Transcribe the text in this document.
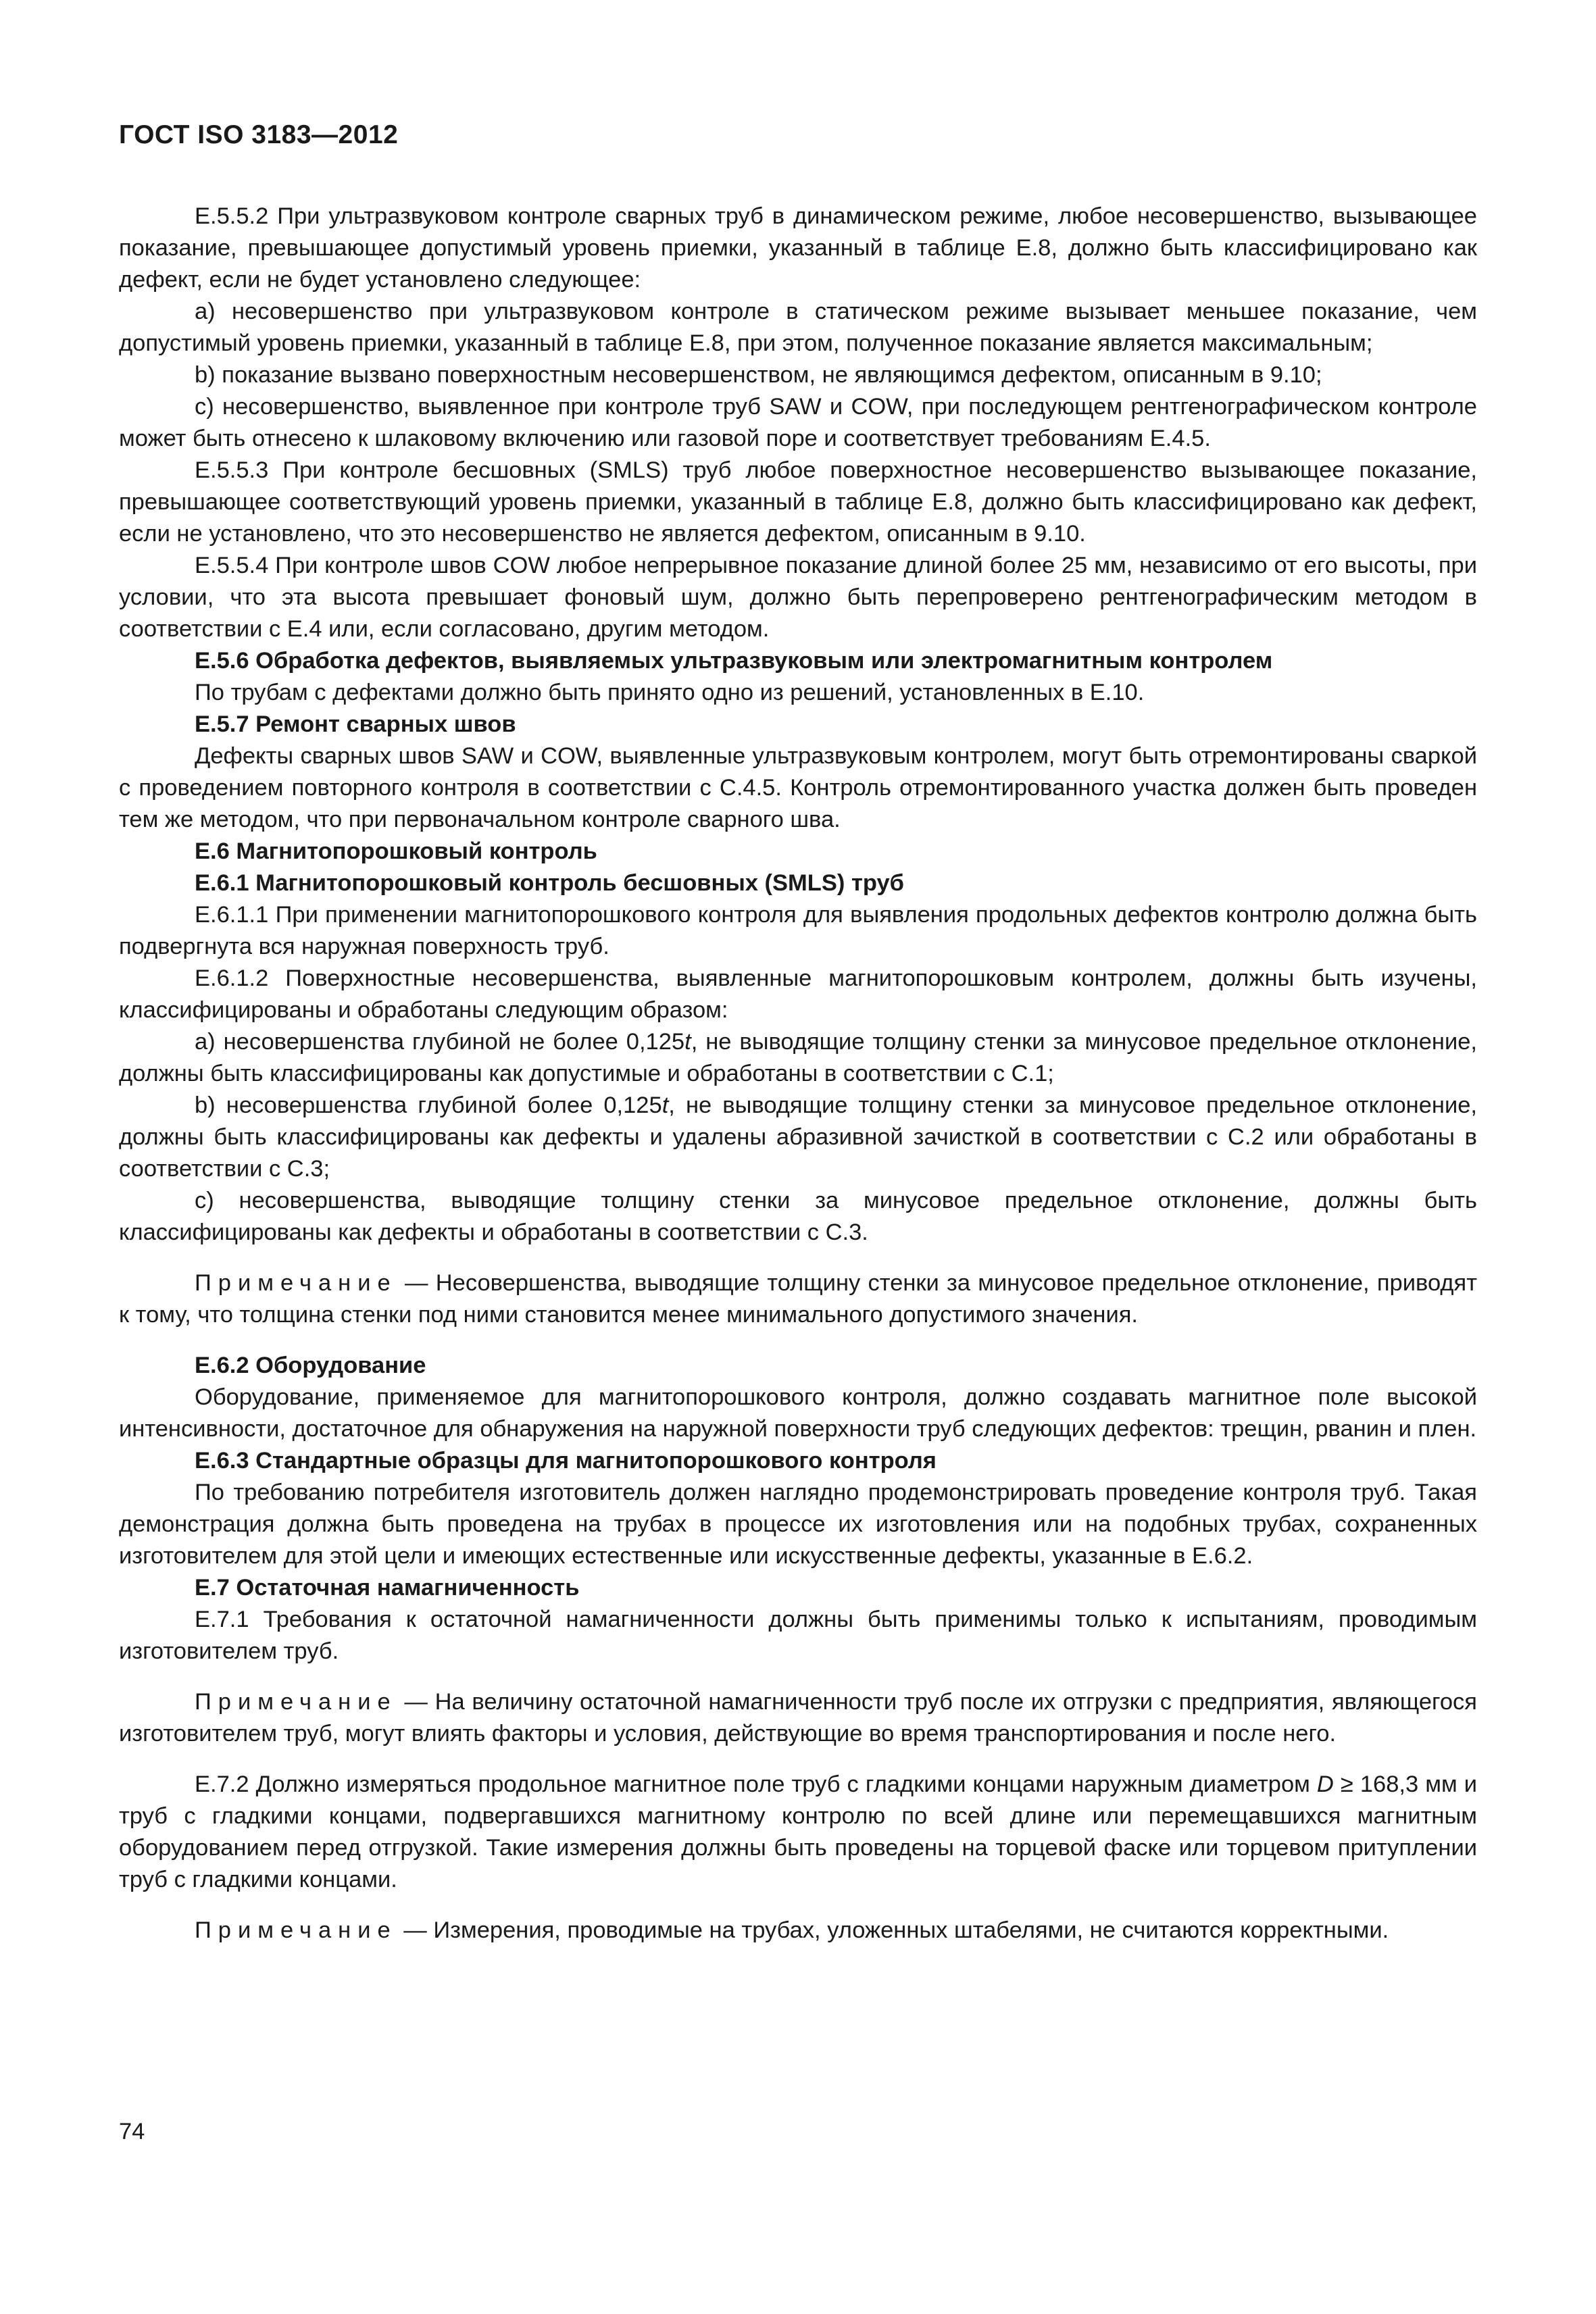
ГОСТ ISO 3183—2012

Е.5.5.2 При ультразвуковом контроле сварных труб в динамическом режиме, любое несовершенство, вызывающее показание, превышающее допустимый уровень приемки, указанный в таблице Е.8, должно быть классифицировано как дефект, если не будет установлено следующее:

a) несовершенство при ультразвуковом контроле в статическом режиме вызывает меньшее показание, чем допустимый уровень приемки, указанный в таблице Е.8, при этом, полученное показание является максимальным;

b) показание вызвано поверхностным несовершенством, не являющимся дефектом, описанным в 9.10;

c) несовершенство, выявленное при контроле труб SAW и COW, при последующем рентгенографическом контроле может быть отнесено к шлаковому включению или газовой поре и соответствует требованиям Е.4.5.

Е.5.5.3 При контроле бесшовных (SMLS) труб любое поверхностное несовершенство вызывающее показание, превышающее соответствующий уровень приемки, указанный в таблице Е.8, должно быть классифицировано как дефект, если не установлено, что это несовершенство не является дефектом, описанным в 9.10.

Е.5.5.4 При контроле швов COW любое непрерывное показание длиной более 25 мм, независимо от его высоты, при условии, что эта высота превышает фоновый шум, должно быть перепроверено рентгенографическим методом в соответствии с Е.4 или, если согласовано, другим методом.

Е.5.6 Обработка дефектов, выявляемых ультразвуковым или электромагнитным контролем

По трубам с дефектами должно быть принято одно из решений, установленных в Е.10.

Е.5.7 Ремонт сварных швов

Дефекты сварных швов SAW и COW, выявленные ультразвуковым контролем, могут быть отремонтированы сваркой с проведением повторного контроля в соответствии с С.4.5. Контроль отремонтированного участка должен быть проведен тем же методом, что при первоначальном контроле сварного шва.

Е.6 Магнитопорошковый контроль

Е.6.1 Магнитопорошковый контроль бесшовных (SMLS) труб

Е.6.1.1 При применении магнитопорошкового контроля для выявления продольных дефектов контролю должна быть подвергнута вся наружная поверхность труб.

Е.6.1.2 Поверхностные несовершенства, выявленные магнитопорошковым контролем, должны быть изучены, классифицированы и обработаны следующим образом:

a) несовершенства глубиной не более 0,125t, не выводящие толщину стенки за минусовое предельное отклонение, должны быть классифицированы как допустимые и обработаны в соответствии с С.1;

b) несовершенства глубиной более 0,125t, не выводящие толщину стенки за минусовое предельное отклонение, должны быть классифицированы как дефекты и удалены абразивной зачисткой в соответствии с С.2 или обработаны в соответствии с С.3;

c) несовершенства, выводящие толщину стенки за минусовое предельное отклонение, должны быть классифицированы как дефекты и обработаны в соответствии с С.3.

Примечание — Несовершенства, выводящие толщину стенки за минусовое предельное отклонение, приводят к тому, что толщина стенки под ними становится менее минимального допустимого значения.

Е.6.2 Оборудование

Оборудование, применяемое для магнитопорошкового контроля, должно создавать магнитное поле высокой интенсивности, достаточное для обнаружения на наружной поверхности труб следующих дефектов: трещин, рванин и плен.

Е.6.3 Стандартные образцы для магнитопорошкового контроля

По требованию потребителя изготовитель должен наглядно продемонстрировать проведение контроля труб. Такая демонстрация должна быть проведена на трубах в процессе их изготовления или на подобных трубах, сохраненных изготовителем для этой цели и имеющих естественные или искусственные дефекты, указанные в Е.6.2.

Е.7 Остаточная намагниченность

Е.7.1 Требования к остаточной намагниченности должны быть применимы только к испытаниям, проводимым изготовителем труб.

Примечание — На величину остаточной намагниченности труб после их отгрузки с предприятия, являющегося изготовителем труб, могут влиять факторы и условия, действующие во время транспортирования и после него.

Е.7.2 Должно измеряться продольное магнитное поле труб с гладкими концами наружным диаметром D ≥ 168,3 мм и труб с гладкими концами, подвергавшихся магнитному контролю по всей длине или перемещавшихся магнитным оборудованием перед отгрузкой. Такие измерения должны быть проведены на торцевой фаске или торцевом притуплении труб с гладкими концами.

Примечание — Измерения, проводимые на трубах, уложенных штабелями, не считаются корректными.

74
